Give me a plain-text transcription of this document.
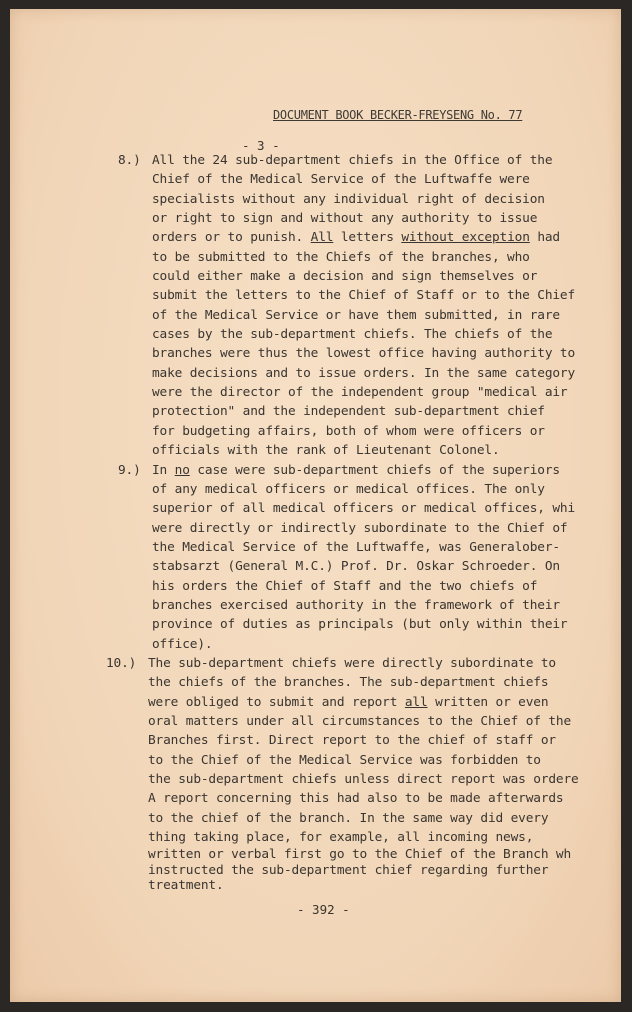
DOCUMENT BOOK BECKER-FREYSENG No. 77
- 3 -
8.) All the 24 sub-department chiefs in the Office of the
Chief of the Medical Service of the Luftwaffe were
specialists without any individual right of decision
or right to sign and without any authority to issue
orders or to punish. All letters without exception had
to be submitted to the Chiefs of the branches, who
could either make a decision and sign themselves or
submit the letters to the Chief of Staff or to the Chief
of the Medical Service or have them submitted, in rare
cases by the sub-department chiefs. The chiefs of the
branches were thus the lowest office having authority to
make decisions and to issue orders. In the same category
were the director of the independent group "medical air
protection" and the independent sub-department chief
for budgeting affairs, both of whom were officers or
officials with the rank of Lieutenant Colonel.
9.) In no case were sub-department chiefs of the superiors
of any medical officers or medical offices. The only
superior of all medical officers or medical offices, whi
were directly or indirectly subordinate to the Chief of
the Medical Service of the Luftwaffe, was Generalober-
stabsarzt (General M.C.) Prof. Dr. Oskar Schroeder. On
his orders the Chief of Staff and the two chiefs of
branches exercised authority in the framework of their
province of duties as principals (but only within their
office).
10.) The sub-department chiefs were directly subordinate to
the chiefs of the branches. The sub-department chiefs
were obliged to submit and report all written or even
oral matters under all circumstances to the Chief of the
Branches first. Direct report to the chief of staff or
to the Chief of the Medical Service was forbidden to
the sub-department chiefs unless direct report was ordere
A report concerning this had also to be made afterwards
to the chief of the branch. In the same way did every
thing taking place, for example, all incoming news,
written or verbal first go to the Chief of the Branch wh
instructed the sub-department chief regarding further
treatment.
- 392 -
